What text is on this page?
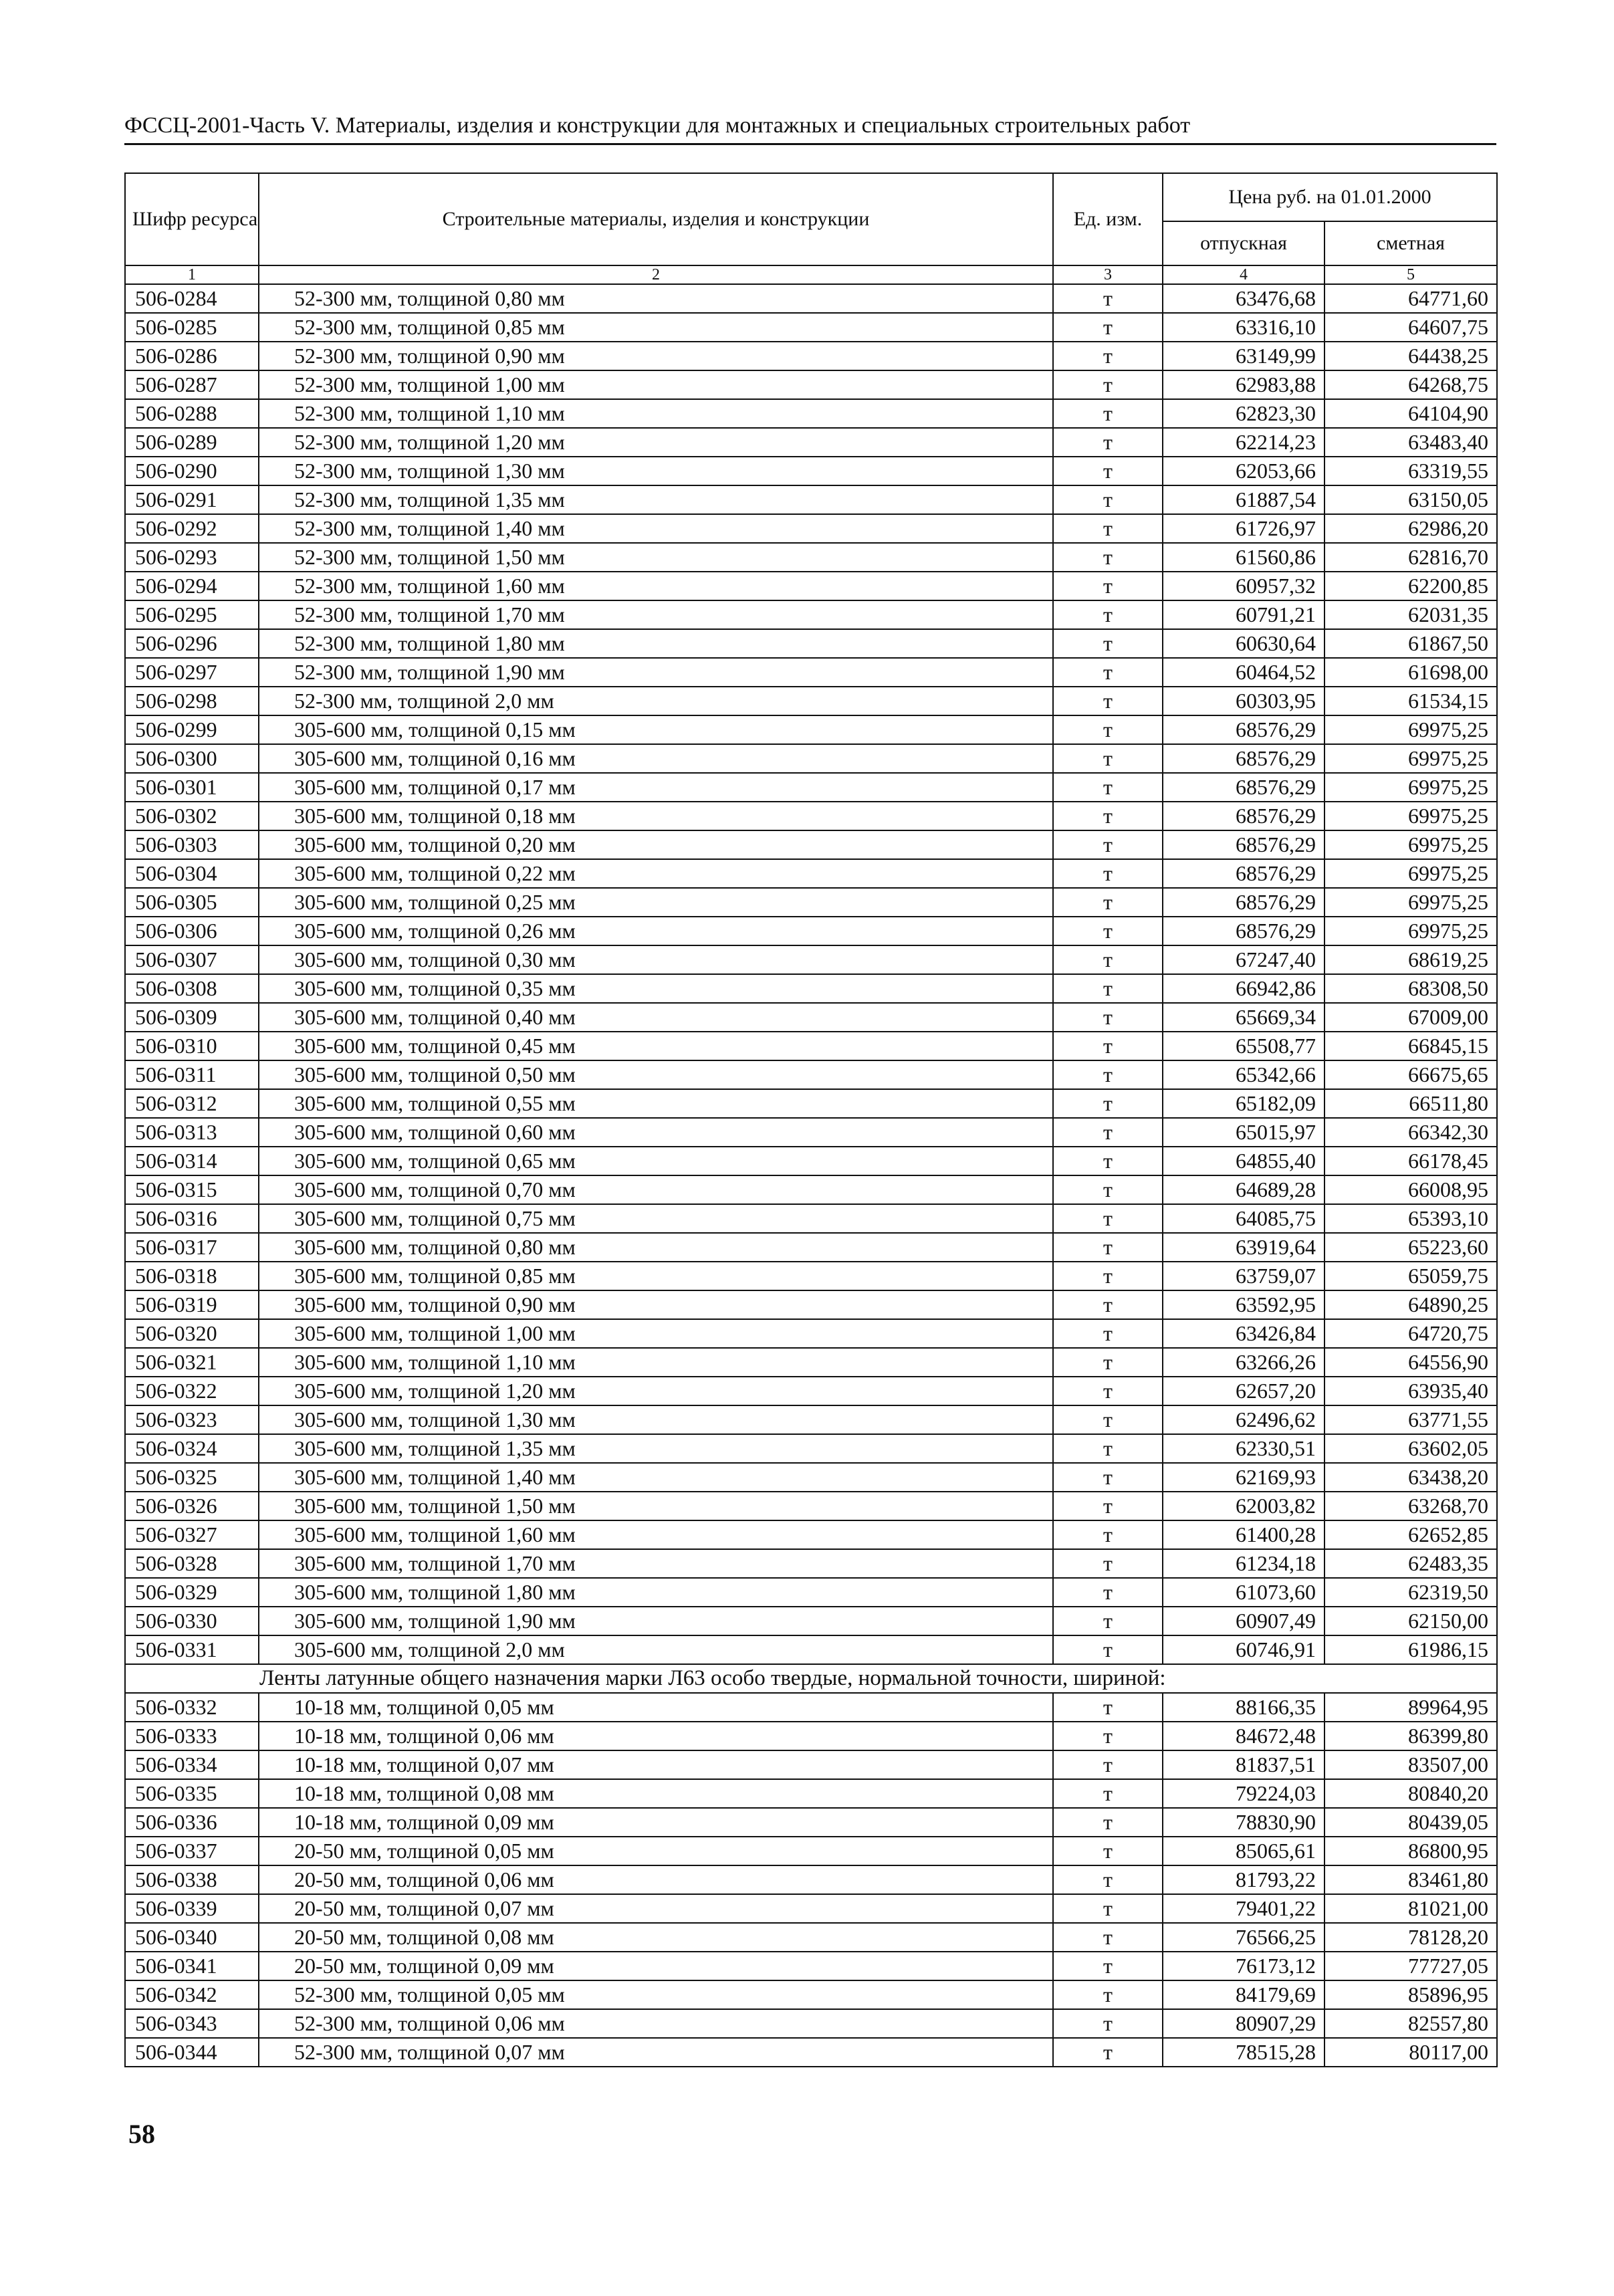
ФССЦ-2001-Часть V. Материалы, изделия и конструкции для монтажных и специальных строительных работ
Шифр ресурса	Строительные материалы, изделия и конструкции	Ед. изм.	Цена руб. на 01.01.2000	
			отпускная	сметная
1	2	3	4	5
506-0284	52-300 мм, толщиной 0,80 мм	т	63476,68	64771,60
506-0285	52-300 мм, толщиной 0,85 мм	т	63316,10	64607,75
506-0286	52-300 мм, толщиной 0,90 мм	т	63149,99	64438,25
506-0287	52-300 мм, толщиной 1,00 мм	т	62983,88	64268,75
506-0288	52-300 мм, толщиной 1,10 мм	т	62823,30	64104,90
506-0289	52-300 мм, толщиной 1,20 мм	т	62214,23	63483,40
506-0290	52-300 мм, толщиной 1,30 мм	т	62053,66	63319,55
506-0291	52-300 мм, толщиной 1,35 мм	т	61887,54	63150,05
506-0292	52-300 мм, толщиной 1,40 мм	т	61726,97	62986,20
506-0293	52-300 мм, толщиной 1,50 мм	т	61560,86	62816,70
506-0294	52-300 мм, толщиной 1,60 мм	т	60957,32	62200,85
506-0295	52-300 мм, толщиной 1,70 мм	т	60791,21	62031,35
506-0296	52-300 мм, толщиной 1,80 мм	т	60630,64	61867,50
506-0297	52-300 мм, толщиной 1,90 мм	т	60464,52	61698,00
506-0298	52-300 мм, толщиной 2,0 мм	т	60303,95	61534,15
506-0299	305-600 мм, толщиной 0,15 мм	т	68576,29	69975,25
506-0300	305-600 мм, толщиной 0,16 мм	т	68576,29	69975,25
506-0301	305-600 мм, толщиной 0,17 мм	т	68576,29	69975,25
506-0302	305-600 мм, толщиной 0,18 мм	т	68576,29	69975,25
506-0303	305-600 мм, толщиной 0,20 мм	т	68576,29	69975,25
506-0304	305-600 мм, толщиной 0,22 мм	т	68576,29	69975,25
506-0305	305-600 мм, толщиной 0,25 мм	т	68576,29	69975,25
506-0306	305-600 мм, толщиной 0,26 мм	т	68576,29	69975,25
506-0307	305-600 мм, толщиной 0,30 мм	т	67247,40	68619,25
506-0308	305-600 мм, толщиной 0,35 мм	т	66942,86	68308,50
506-0309	305-600 мм, толщиной 0,40 мм	т	65669,34	67009,00
506-0310	305-600 мм, толщиной 0,45 мм	т	65508,77	66845,15
506-0311	305-600 мм, толщиной 0,50 мм	т	65342,66	66675,65
506-0312	305-600 мм, толщиной 0,55 мм	т	65182,09	66511,80
506-0313	305-600 мм, толщиной 0,60 мм	т	65015,97	66342,30
506-0314	305-600 мм, толщиной 0,65 мм	т	64855,40	66178,45
506-0315	305-600 мм, толщиной 0,70 мм	т	64689,28	66008,95
506-0316	305-600 мм, толщиной 0,75 мм	т	64085,75	65393,10
506-0317	305-600 мм, толщиной 0,80 мм	т	63919,64	65223,60
506-0318	305-600 мм, толщиной 0,85 мм	т	63759,07	65059,75
506-0319	305-600 мм, толщиной 0,90 мм	т	63592,95	64890,25
506-0320	305-600 мм, толщиной 1,00 мм	т	63426,84	64720,75
506-0321	305-600 мм, толщиной 1,10 мм	т	63266,26	64556,90
506-0322	305-600 мм, толщиной 1,20 мм	т	62657,20	63935,40
506-0323	305-600 мм, толщиной 1,30 мм	т	62496,62	63771,55
506-0324	305-600 мм, толщиной 1,35 мм	т	62330,51	63602,05
506-0325	305-600 мм, толщиной 1,40 мм	т	62169,93	63438,20
506-0326	305-600 мм, толщиной 1,50 мм	т	62003,82	63268,70
506-0327	305-600 мм, толщиной 1,60 мм	т	61400,28	62652,85
506-0328	305-600 мм, толщиной 1,70 мм	т	61234,18	62483,35
506-0329	305-600 мм, толщиной 1,80 мм	т	61073,60	62319,50
506-0330	305-600 мм, толщиной 1,90 мм	т	60907,49	62150,00
506-0331	305-600 мм, толщиной 2,0 мм	т	60746,91	61986,15
Ленты латунные общего назначения марки Л63 особо твердые, нормальной точности, шириной:				
506-0332	10-18 мм, толщиной 0,05 мм	т	88166,35	89964,95
506-0333	10-18 мм, толщиной 0,06 мм	т	84672,48	86399,80
506-0334	10-18 мм, толщиной 0,07 мм	т	81837,51	83507,00
506-0335	10-18 мм, толщиной 0,08 мм	т	79224,03	80840,20
506-0336	10-18 мм, толщиной 0,09 мм	т	78830,90	80439,05
506-0337	20-50 мм, толщиной 0,05 мм	т	85065,61	86800,95
506-0338	20-50 мм, толщиной 0,06 мм	т	81793,22	83461,80
506-0339	20-50 мм, толщиной 0,07 мм	т	79401,22	81021,00
506-0340	20-50 мм, толщиной 0,08 мм	т	76566,25	78128,20
506-0341	20-50 мм, толщиной 0,09 мм	т	76173,12	77727,05
506-0342	52-300 мм, толщиной 0,05 мм	т	84179,69	85896,95
506-0343	52-300 мм, толщиной 0,06 мм	т	80907,29	82557,80
506-0344	52-300 мм, толщиной 0,07 мм	т	78515,28	80117,00
58
